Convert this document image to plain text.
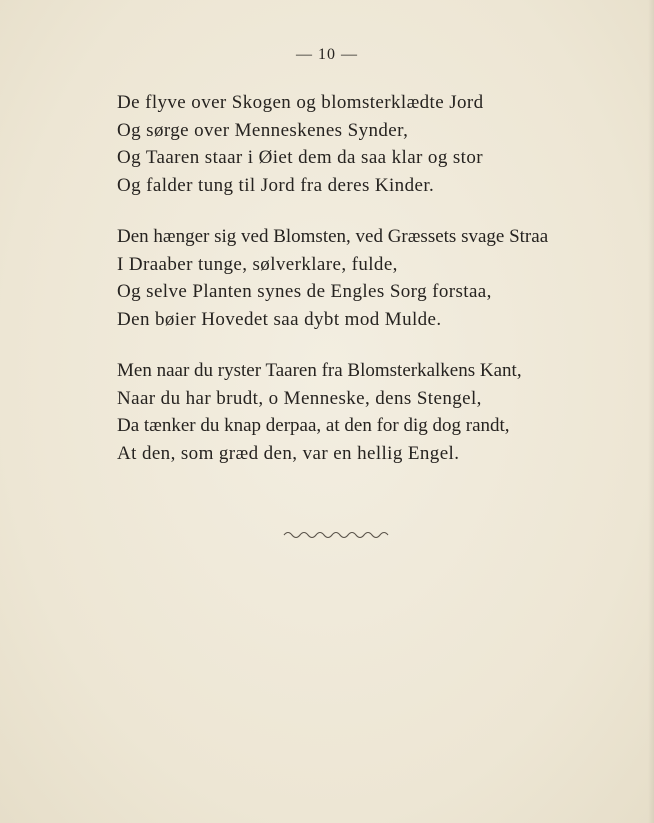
— 10 —

De flyve over Skogen og blomsterklædte Jord
Og sørge over Menneskenes Synder,
Og Taaren staar i Øiet dem da saa klar og stor
Og falder tung til Jord fra deres Kinder.

Den hænger sig ved Blomsten, ved Græssets svage Straa
I Draaber tunge, sølverklare, fulde,
Og selve Planten synes de Engles Sorg forstaa,
Den bøier Hovedet saa dybt mod Mulde.

Men naar du ryster Taaren fra Blomsterkalkens Kant,
Naar du har brudt, o Menneske, dens Stengel,
Da tænker du knap derpaa, at den for dig dog randt,
At den, som græd den, var en hellig Engel.
